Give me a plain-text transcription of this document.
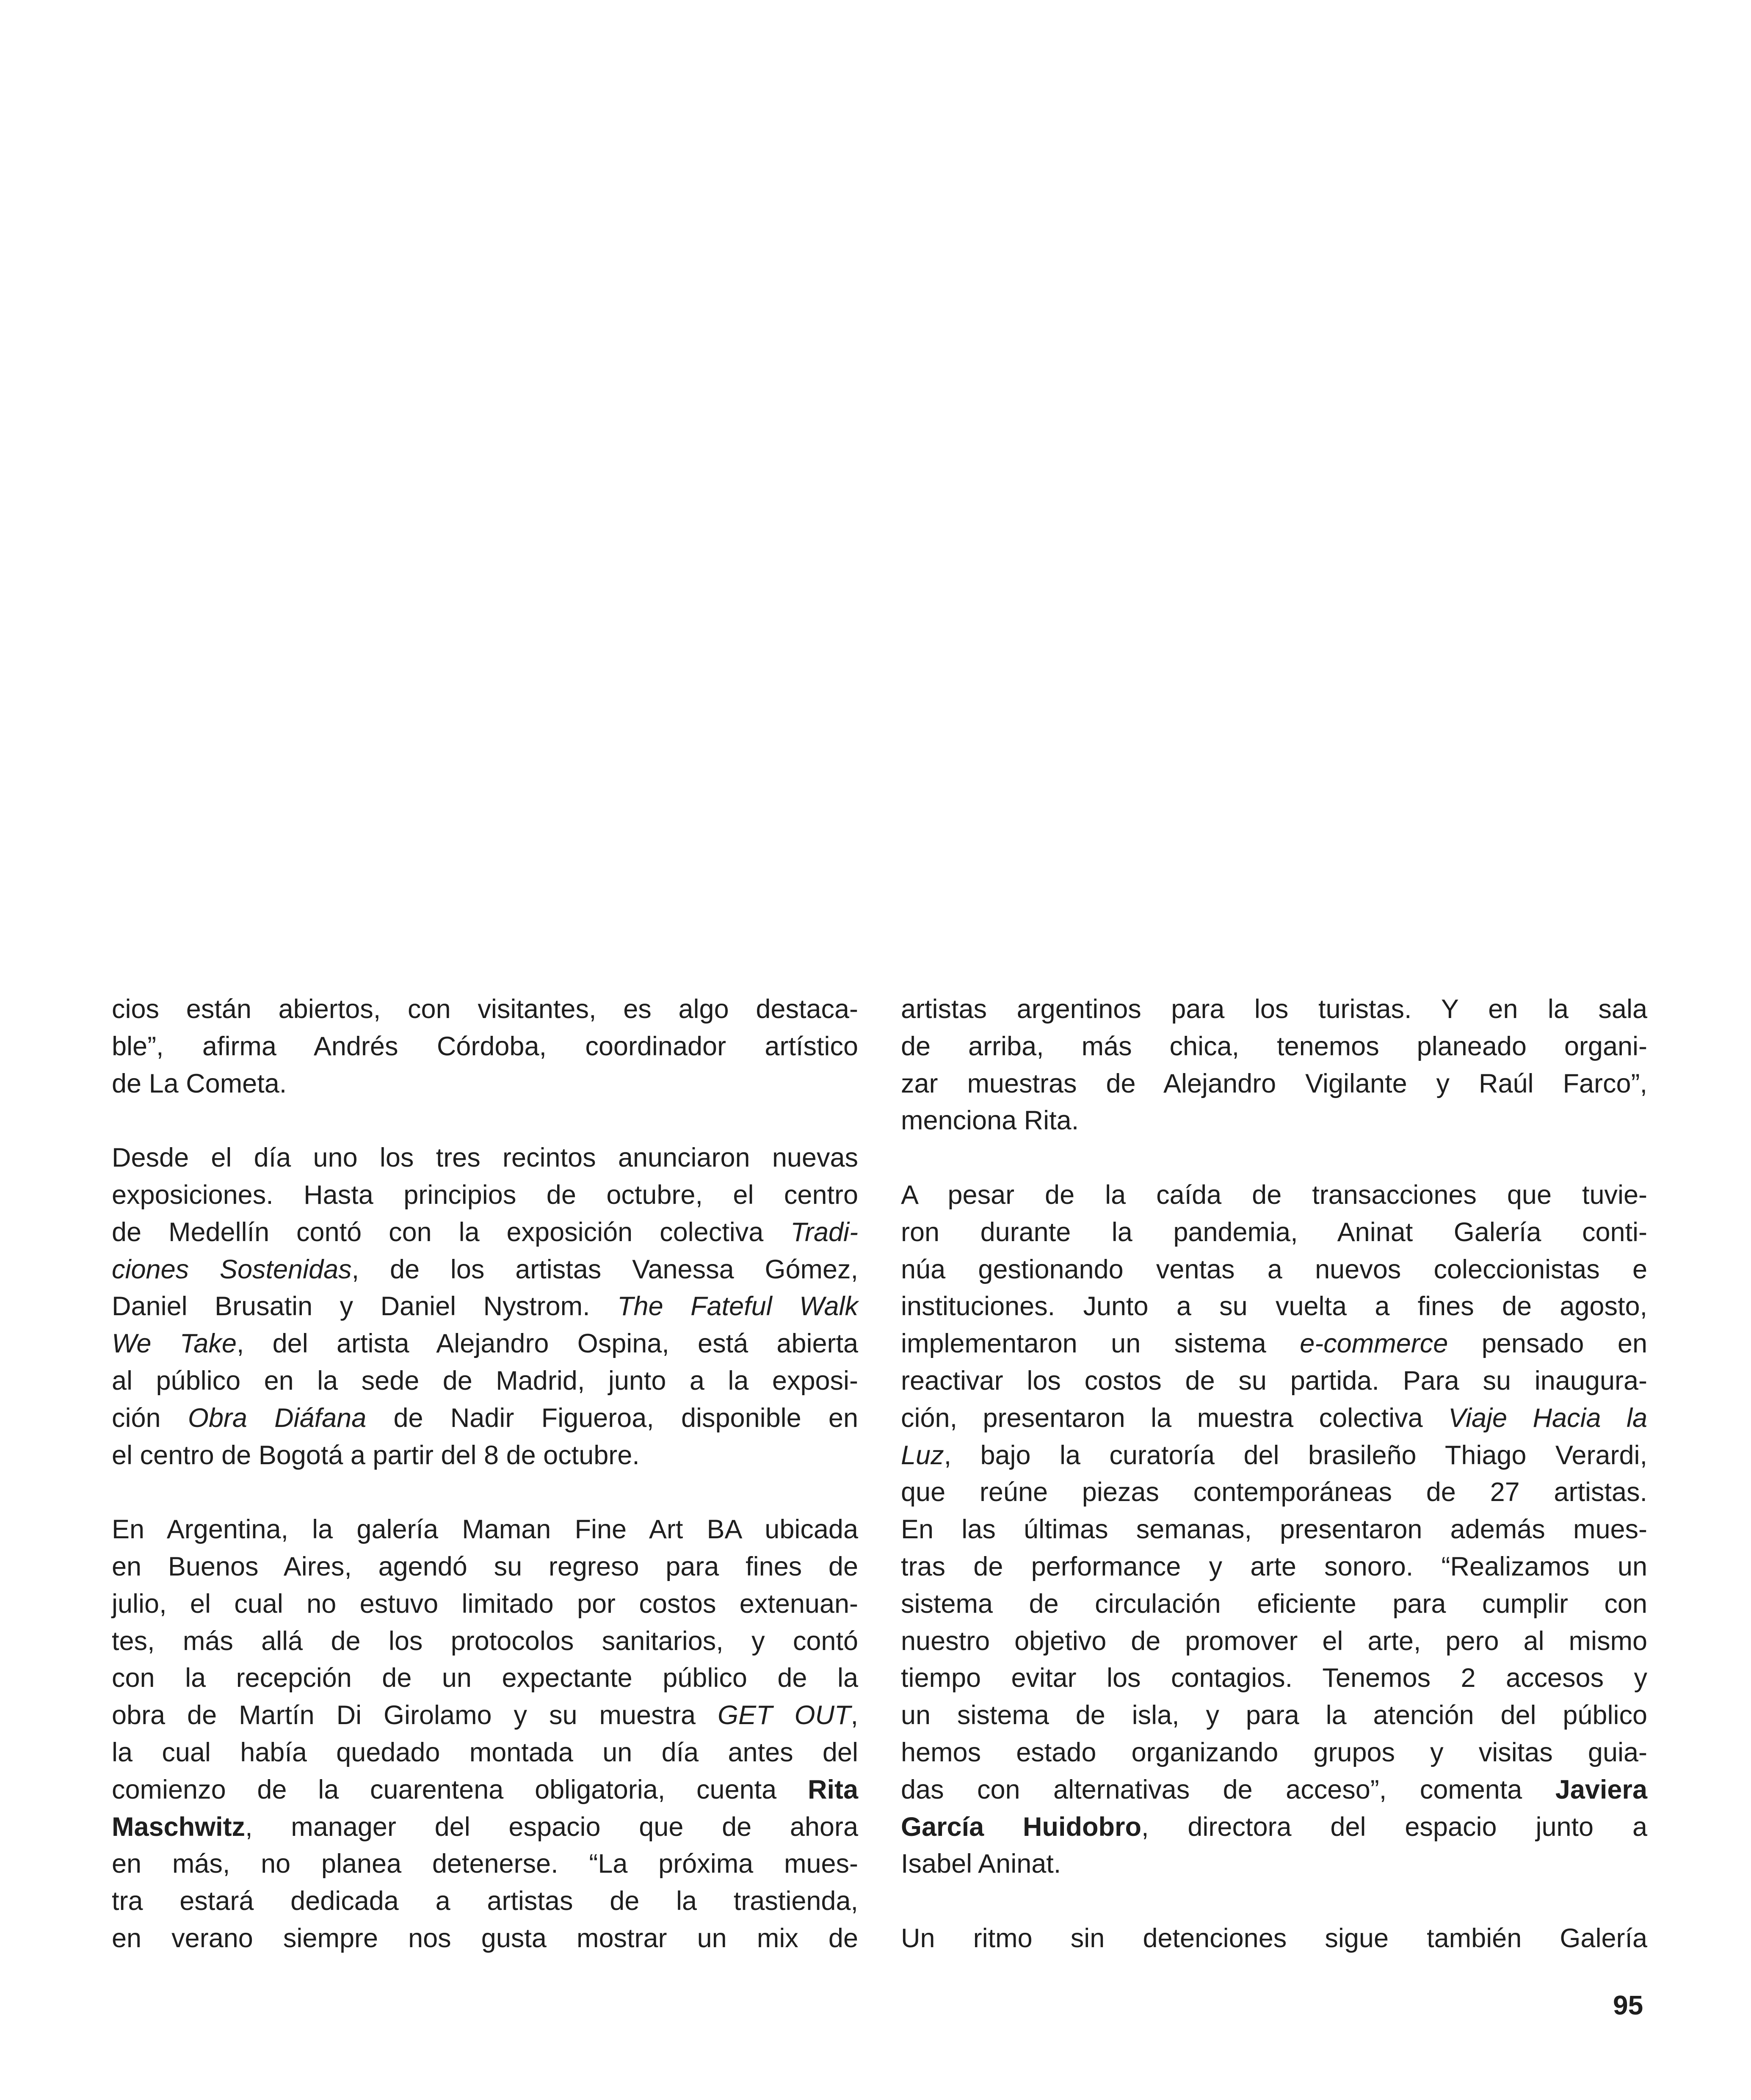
cios están abiertos, con visitantes, es algo destaca-
ble”, afirma Andrés Córdoba, coordinador artístico
de La Cometa.
Desde el día uno los tres recintos anunciaron nuevas
exposiciones. Hasta principios de octubre, el centro
de Medellín contó con la exposición colectiva Tradi-
ciones Sostenidas, de los artistas Vanessa Gómez,
Daniel Brusatin y Daniel Nystrom. The Fateful Walk
We Take, del artista Alejandro Ospina, está abierta
al público en la sede de Madrid, junto a la exposi-
ción Obra Diáfana de Nadir Figueroa, disponible en
el centro de Bogotá a partir del 8 de octubre.
En Argentina, la galería Maman Fine Art BA ubicada
en Buenos Aires, agendó su regreso para fines de
julio, el cual no estuvo limitado por costos extenuan-
tes, más allá de los protocolos sanitarios, y contó
con la recepción de un expectante público de la
obra de Martín Di Girolamo y su muestra GET OUT,
la cual había quedado montada un día antes del
comienzo de la cuarentena obligatoria, cuenta Rita
Maschwitz, manager del espacio que de ahora
en más, no planea detenerse. “La próxima mues-
tra estará dedicada a artistas de la trastienda,
en verano siempre nos gusta mostrar un mix de
artistas argentinos para los turistas. Y en la sala
de arriba, más chica, tenemos planeado organi-
zar muestras de Alejandro Vigilante y Raúl Farco”,
menciona Rita.
A pesar de la caída de transacciones que tuvie-
ron durante la pandemia, Aninat Galería conti-
núa gestionando ventas a nuevos coleccionistas e
instituciones. Junto a su vuelta a fines de agosto,
implementaron un sistema e-commerce pensado en
reactivar los costos de su partida. Para su inaugura-
ción, presentaron la muestra colectiva Viaje Hacia la
Luz, bajo la curatoría del brasileño Thiago Verardi,
que reúne piezas contemporáneas de 27 artistas.
En las últimas semanas, presentaron además mues-
tras de performance y arte sonoro. “Realizamos un
sistema de circulación eficiente para cumplir con
nuestro objetivo de promover el arte, pero al mismo
tiempo evitar los contagios. Tenemos 2 accesos y
un sistema de isla, y para la atención del público
hemos estado organizando grupos y visitas guia-
das con alternativas de acceso”, comenta Javiera
García Huidobro, directora del espacio junto a
Isabel Aninat.
Un ritmo sin detenciones sigue también Galería
95
